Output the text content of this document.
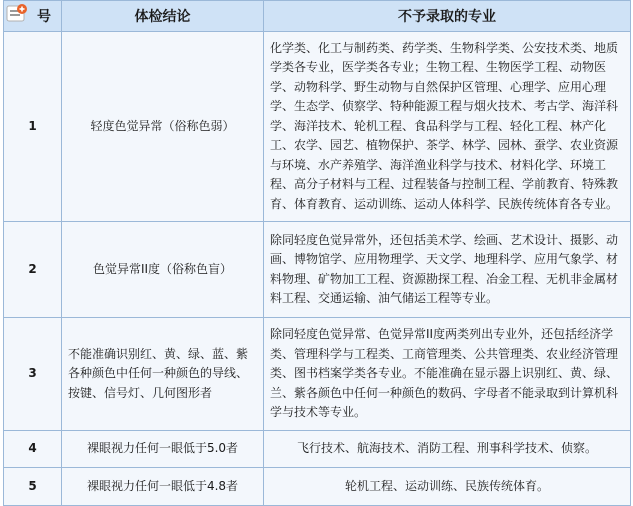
号	体检结论	不予录取的专业
1	轻度色觉异常（俗称色弱）	化学类、化工与制药类、药学类、生物科学类、公安技术类、地质学类各专业，医学类各专业；生物工程、生物医学工程、动物医学、动物科学、野生动物与自然保护区管理、心理学、应用心理学、生态学、侦察学、特种能源工程与烟火技术、考古学、海洋科学、海洋技术、轮机工程、食品科学与工程、轻化工程、林产化工、农学、园艺、植物保护、茶学、林学、园林、蚕学、农业资源与环境、水产养殖学、海洋渔业科学与技术、材料化学、环境工程、高分子材料与工程、过程装备与控制工程、学前教育、特殊教育、体育教育、运动训练、运动人体科学、民族传统体育各专业。
2	色觉异常II度（俗称色盲）	除同轻度色觉异常外，还包括美术学、绘画、艺术设计、摄影、动画、博物馆学、应用物理学、天文学、地理科学、应用气象学、材料物理、矿物加工工程、资源勘探工程、冶金工程、无机非金属材料工程、交通运输、油气储运工程等专业。
3	不能准确识别红、黄、绿、蓝、紫各种颜色中任何一种颜色的导线、按键、信号灯、几何图形者	除同轻度色觉异常、色觉异常II度两类列出专业外，还包括经济学类、管理科学与工程类、工商管理类、公共管理类、农业经济管理类、图书档案学类各专业。不能准确在显示器上识别红、黄、绿、兰、紫各颜色中任何一种颜色的数码、字母者不能录取到计算机科学与技术等专业。
4	裸眼视力任何一眼低于5.0者	飞行技术、航海技术、消防工程、刑事科学技术、侦察。
5	裸眼视力任何一眼低于4.8者	轮机工程、运动训练、民族传统体育。
